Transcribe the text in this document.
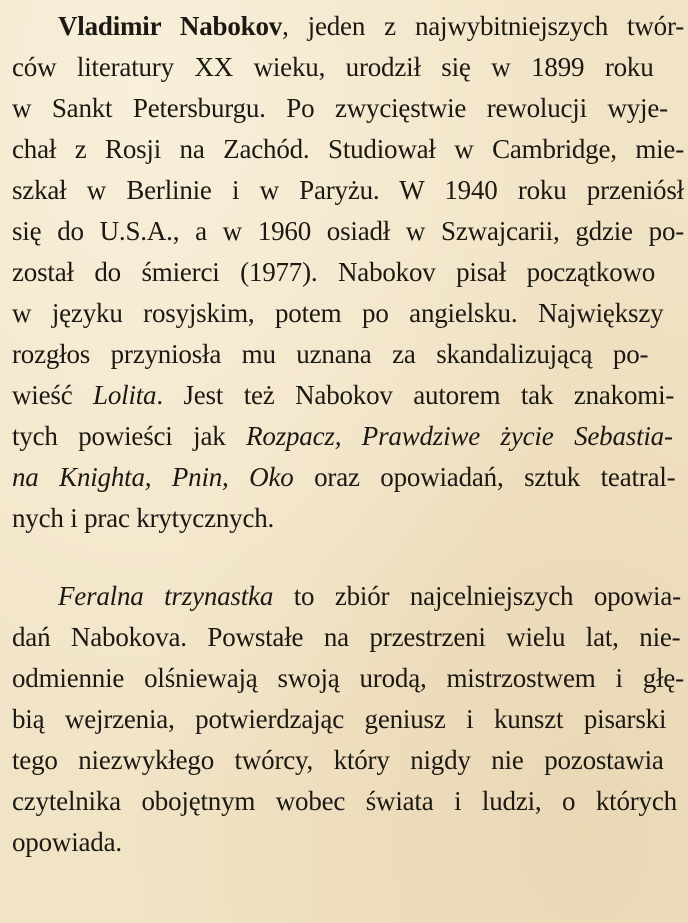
Vladimir Nabokov, jeden z najwybitniejszych twór-
ców literatury XX wieku, urodził się w 1899 roku
w Sankt Petersburgu. Po zwycięstwie rewolucji wyje-
chał z Rosji na Zachód. Studiował w Cambridge, mie-
szkał w Berlinie i w Paryżu. W 1940 roku przeniósł
się do U.S.A., a w 1960 osiadł w Szwajcarii, gdzie po-
został do śmierci (1977). Nabokov pisał początkowo
w języku rosyjskim, potem po angielsku. Największy
rozgłos przyniosła mu uznana za skandalizującą po-
wieść Lolita. Jest też Nabokov autorem tak znakomi-
tych powieści jak Rozpacz, Prawdziwe życie Sebastia-
na Knighta, Pnin, Oko oraz opowiadań, sztuk teatral-
nych i prac krytycznych.
Feralna trzynastka to zbiór najcelniejszych opowia-
dań Nabokova. Powstałe na przestrzeni wielu lat, nie-
odmiennie olśniewają swoją urodą, mistrzostwem i głę-
bią wejrzenia, potwierdzając geniusz i kunszt pisarski
tego niezwykłego twórcy, który nigdy nie pozostawia
czytelnika obojętnym wobec świata i ludzi, o których
opowiada.
